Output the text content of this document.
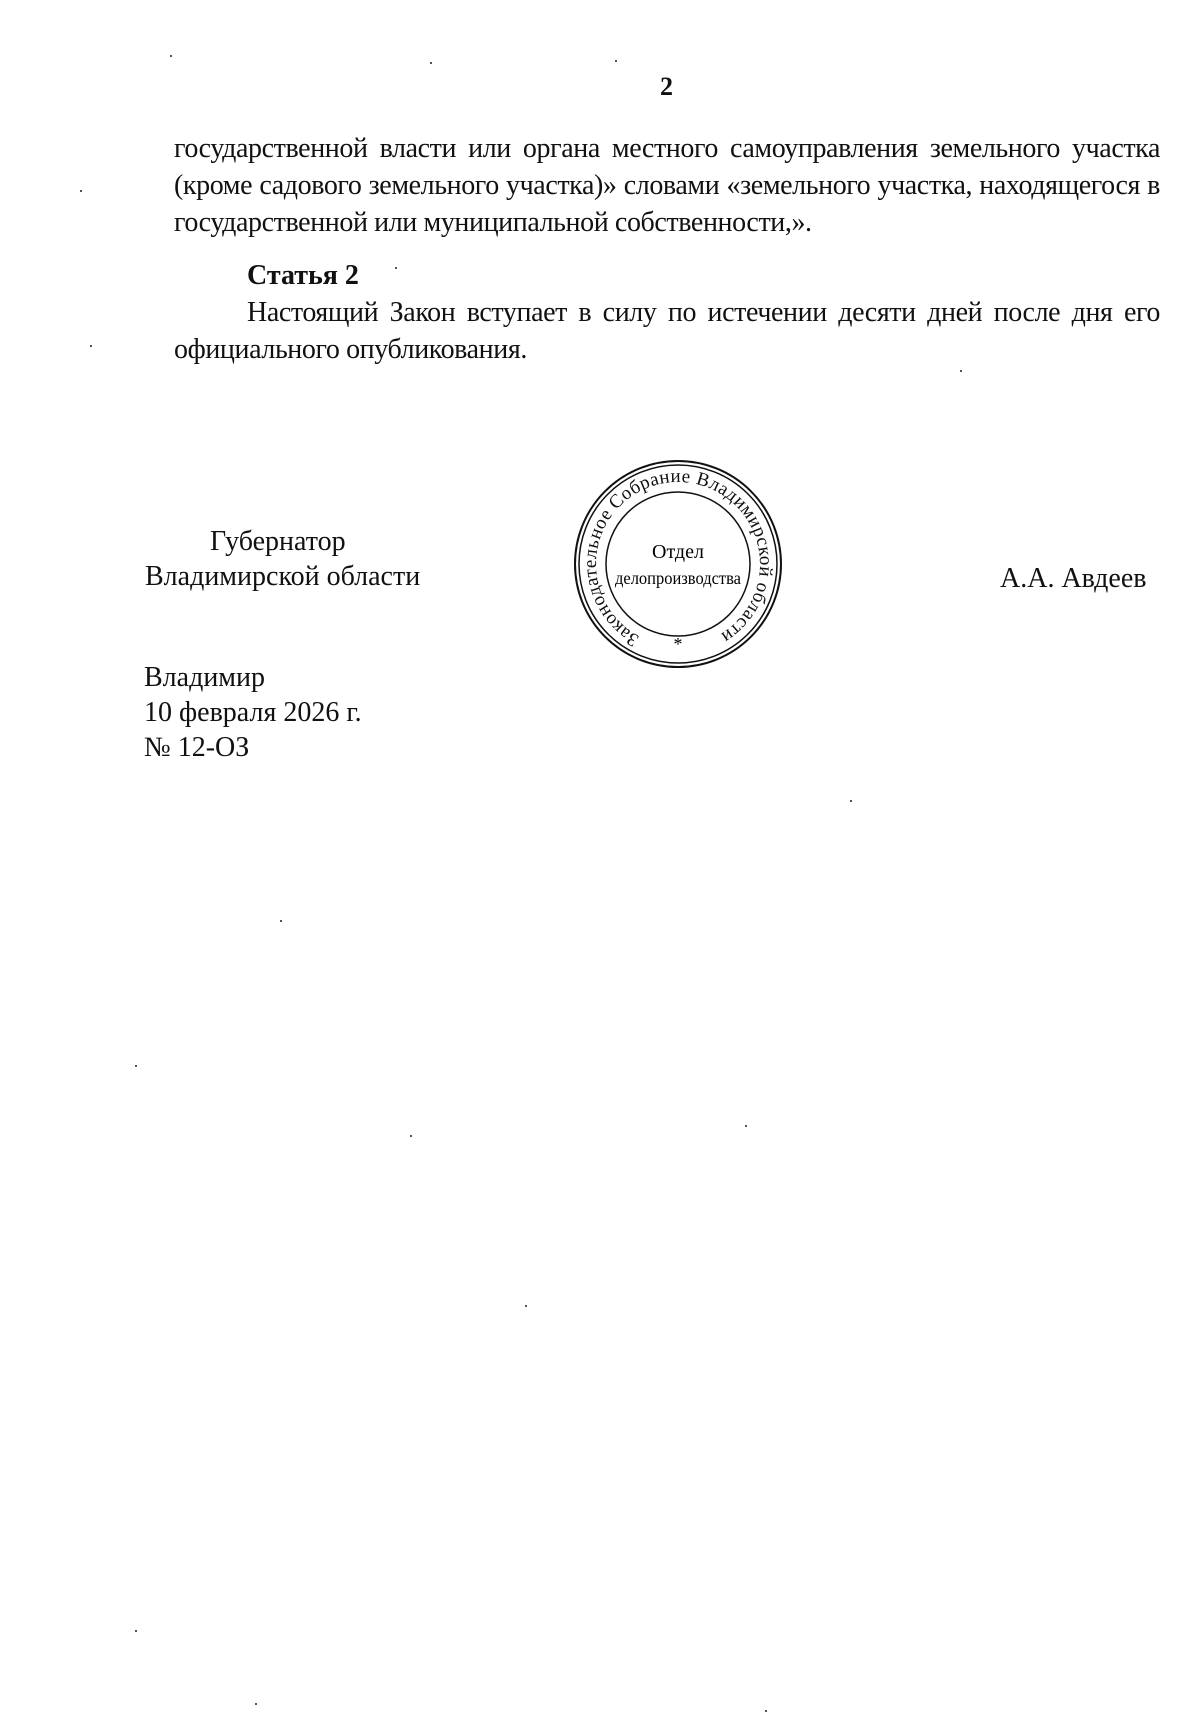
2
государственной власти или органа местного самоуправления земельного участка (кроме садового земельного участка)» словами «земельного участка, находящегося в государственной или муниципальной собственности,».
Статья 2
Настоящий Закон вступает в силу по истечении десяти дней после дня его официального опубликования.
Губернатор
Владимирской области	А.А. Авдеев
Законодательное Собрание Владимирской области
*
Отдел
делопроизводства
Владимир
10 февраля 2026 г.
№ 12-ОЗ
